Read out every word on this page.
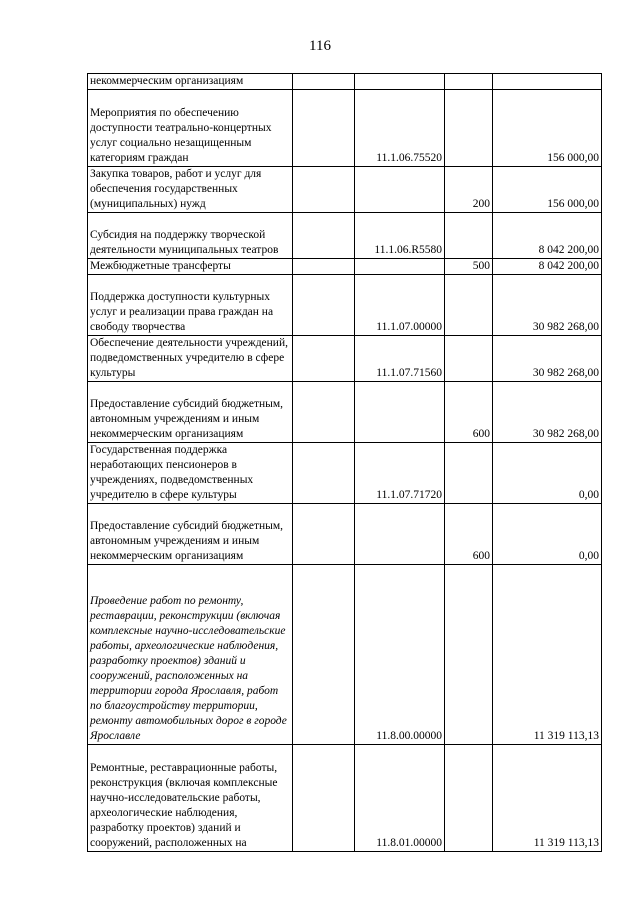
116
некоммерческим организациям				
Мероприятия по обеспечению доступности театрально-концертных услуг социально незащищенным категориям граждан		11.1.06.75520		156 000,00
Закупка товаров, работ и услуг для обеспечения государственных (муниципальных) нужд			200	156 000,00
Субсидия на поддержку творческой деятельности муниципальных театров		11.1.06.R5580		8 042 200,00
Межбюджетные трансферты			500	8 042 200,00
Поддержка доступности культурных услуг и реализации права граждан на свободу творчества		11.1.07.00000		30 982 268,00
Обеспечение деятельности учреждений, подведомственных учредителю в сфере культуры		11.1.07.71560		30 982 268,00
Предоставление субсидий бюджетным, автономным учреждениям и иным некоммерческим организациям			600	30 982 268,00
Государственная поддержка неработающих пенсионеров в учреждениях, подведомственных учредителю в сфере культуры		11.1.07.71720		0,00
Предоставление субсидий бюджетным, автономным учреждениям и иным некоммерческим организациям			600	0,00
Проведение работ по ремонту, реставрации, реконструкции (включая комплексные научно-исследовательские работы, археологические наблюдения, разработку проектов) зданий и сооружений, расположенных на территории города Ярославля, работ по благоустройству территории, ремонту автомобильных дорог в городе Ярославле		11.8.00.00000		11 319 113,13
Ремонтные, реставрационные работы, реконструкция (включая комплексные научно-исследовательские работы, археологические наблюдения, разработку проектов) зданий и сооружений, расположенных на		11.8.01.00000		11 319 113,13
